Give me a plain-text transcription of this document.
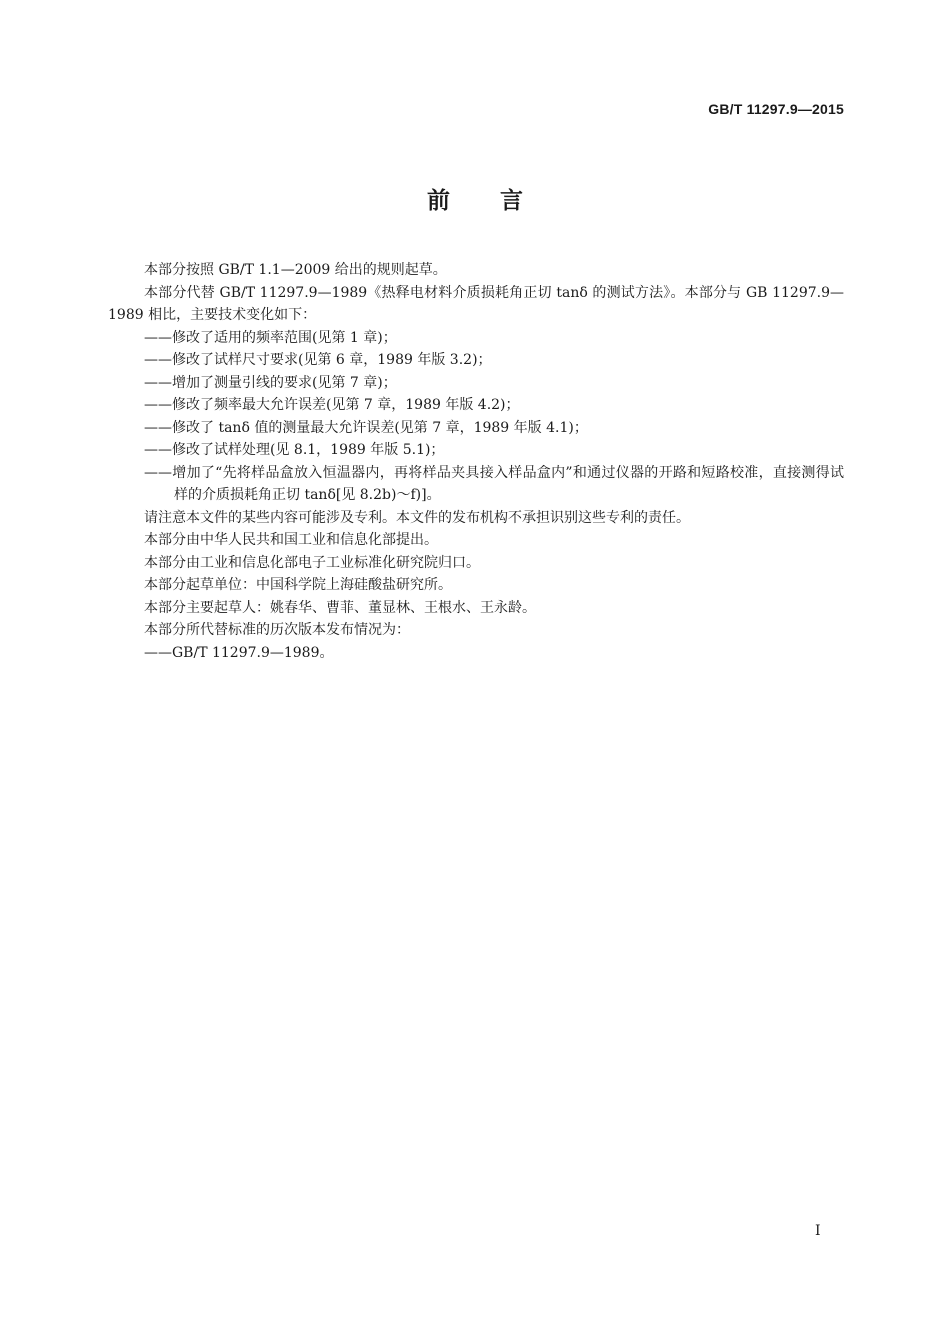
GB/T 11297.9—2015
前言

本部分按照 GB/T 1.1—2009 给出的规则起草。

本部分代替 GB/T 11297.9—1989《热释电材料介质损耗角正切 tanδ 的测试方法》。本部分与 GB 11297.9—1989 相比，主要技术变化如下：

——修改了适用的频率范围(见第 1 章)；

——修改了试样尺寸要求(见第 6 章，1989 年版 3.2)；

——增加了测量引线的要求(见第 7 章)；

——修改了频率最大允许误差(见第 7 章，1989 年版 4.2)；

——修改了 tanδ 值的测量最大允许误差(见第 7 章，1989 年版 4.1)；

——修改了试样处理(见 8.1，1989 年版 5.1)；

——增加了“先将样品盒放入恒温器内，再将样品夹具接入样品盒内”和通过仪器的开路和短路校准，直接测得试样的介质损耗角正切 tanδ[见 8.2b)～f)]。

请注意本文件的某些内容可能涉及专利。本文件的发布机构不承担识别这些专利的责任。

本部分由中华人民共和国工业和信息化部提出。

本部分由工业和信息化部电子工业标准化研究院归口。

本部分起草单位：中国科学院上海硅酸盐研究所。

本部分主要起草人：姚春华、曹菲、董显林、王根水、王永龄。

本部分所代替标准的历次版本发布情况为：

——GB/T 11297.9—1989。

I
